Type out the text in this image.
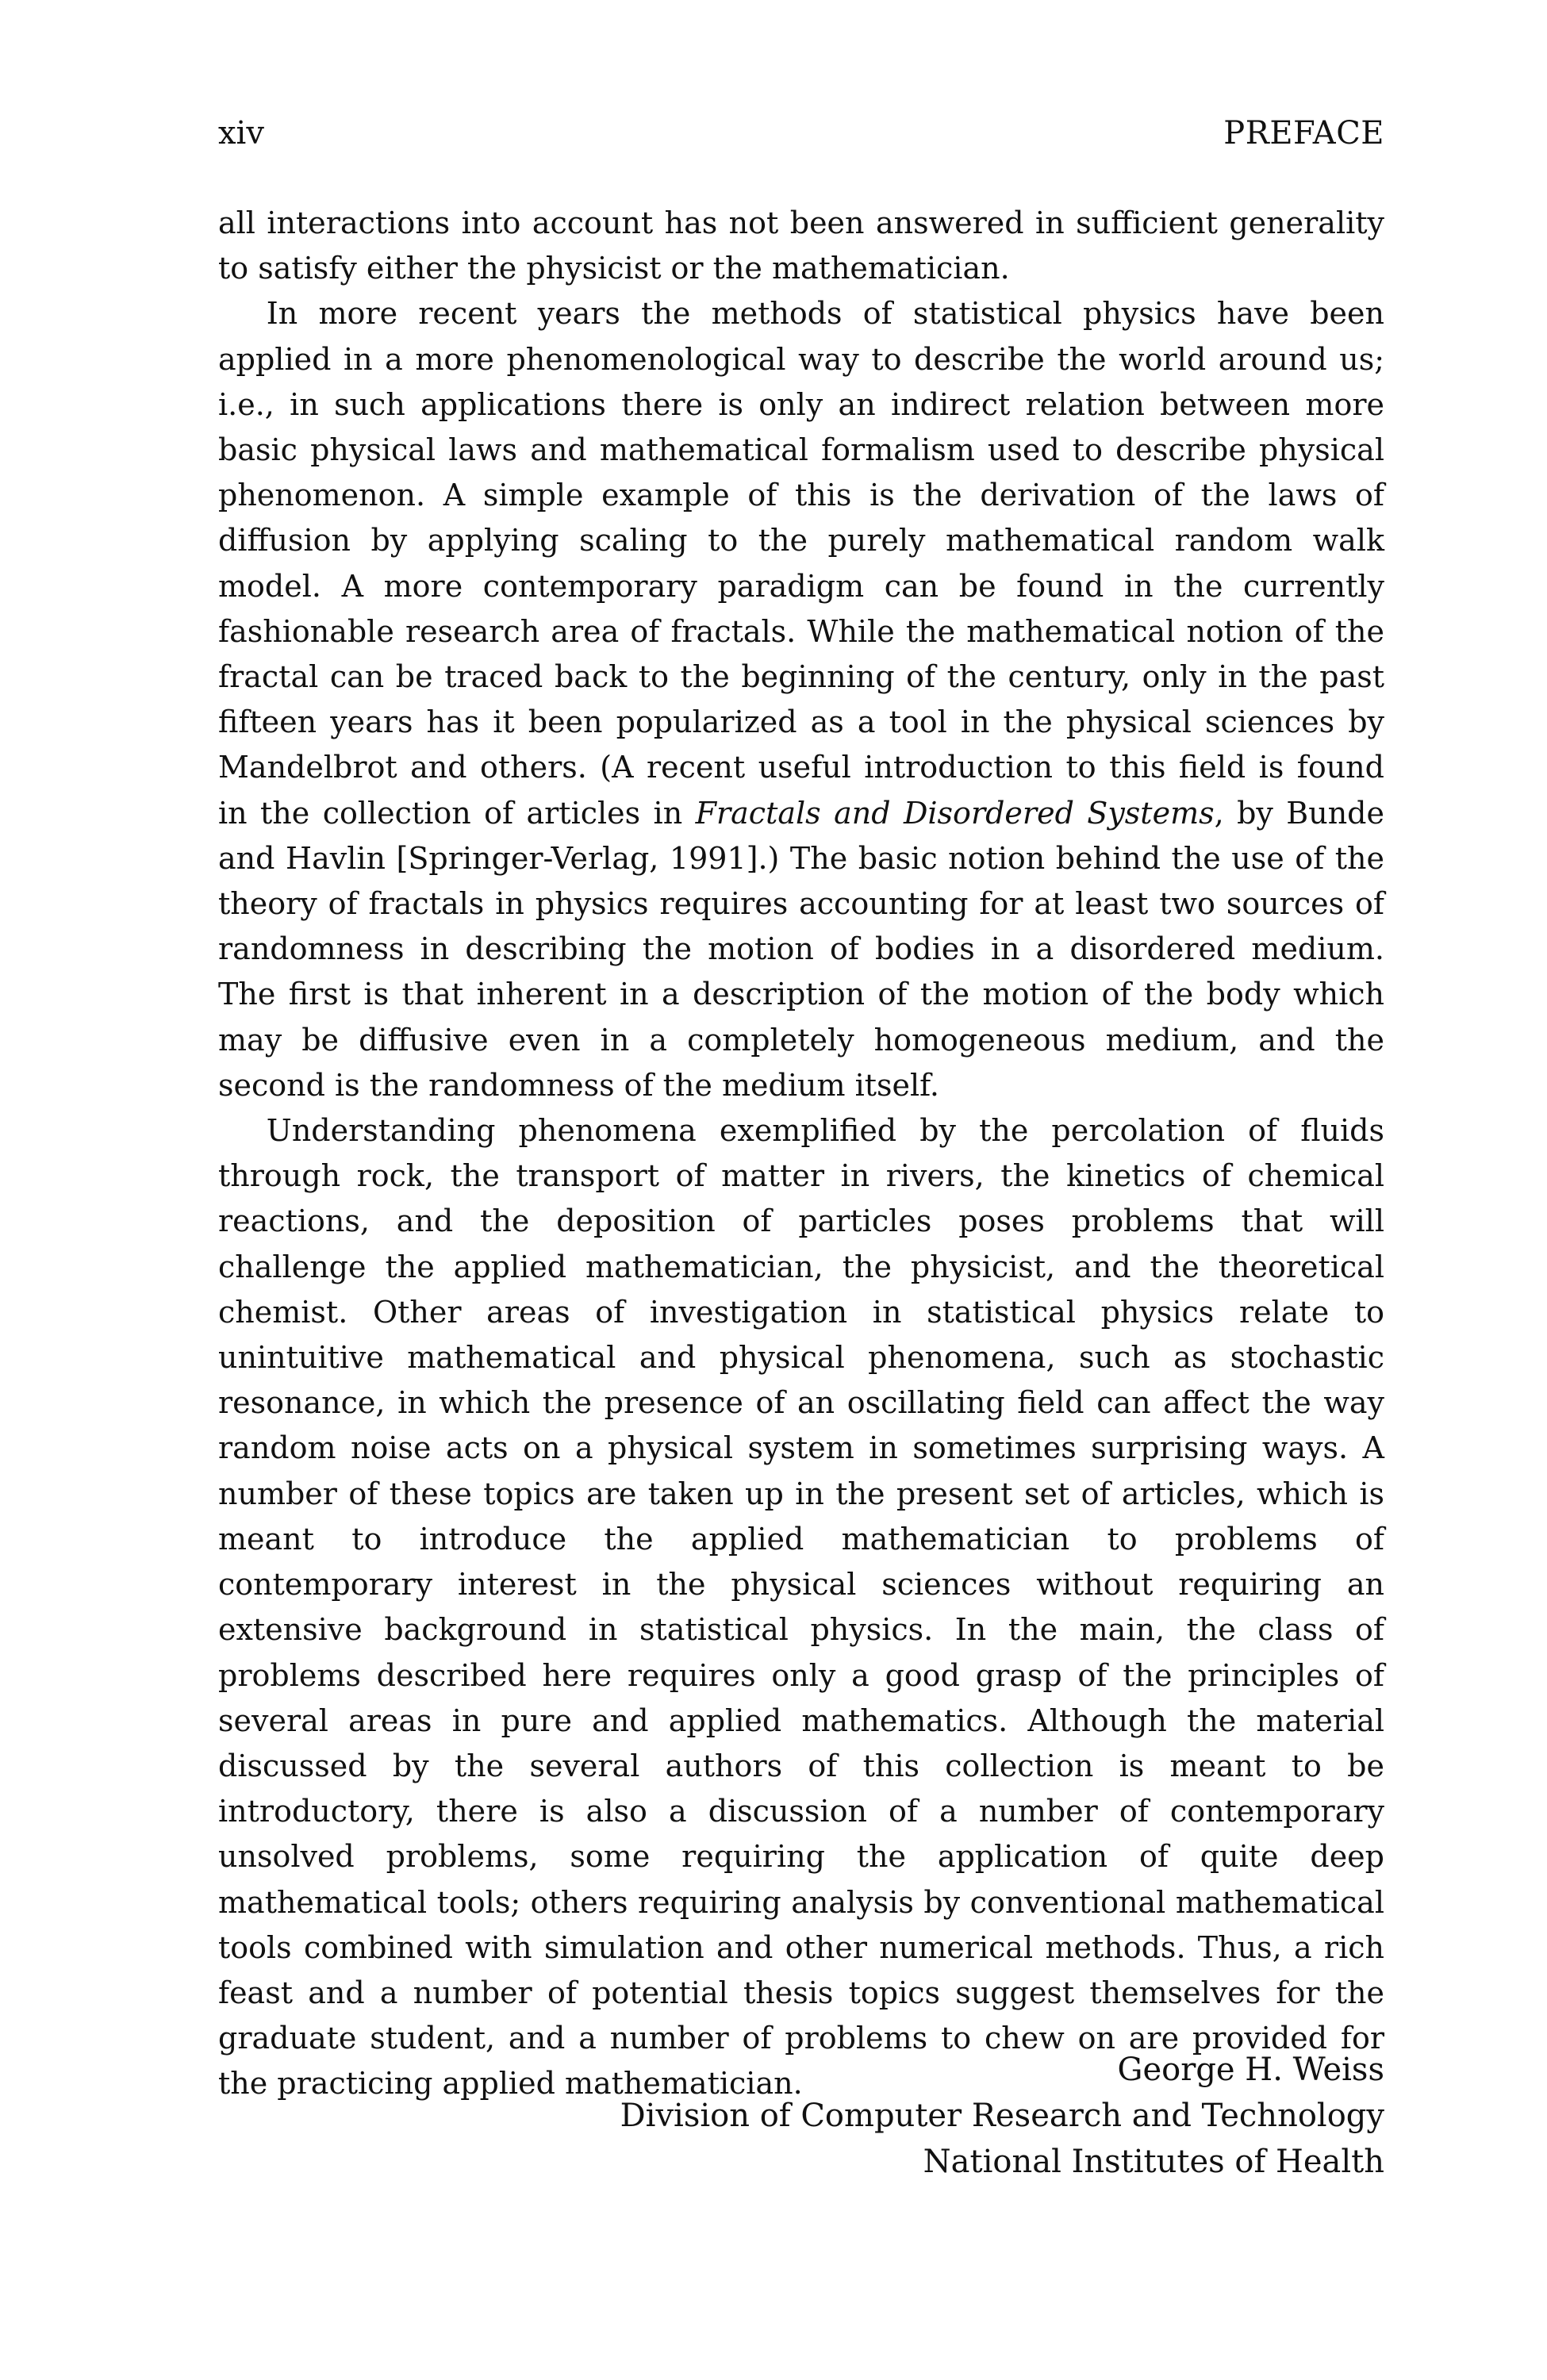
xiv	PREFACE

all interactions into account has not been answered in sufficient generality to satisfy either the physicist or the mathematician.

In more recent years the methods of statistical physics have been applied in a more phenomenological way to describe the world around us; i.e., in such applications there is only an indirect relation between more basic physical laws and mathematical formalism used to describe physical phenomenon. A simple example of this is the derivation of the laws of diffusion by applying scaling to the purely mathematical random walk model. A more contemporary paradigm can be found in the currently fashionable research area of fractals. While the mathematical notion of the fractal can be traced back to the beginning of the century, only in the past fifteen years has it been popularized as a tool in the physical sciences by Mandelbrot and others. (A recent useful introduction to this field is found in the collection of articles in Fractals and Disordered Systems, by Bunde and Havlin [Springer-Verlag, 1991].) The basic notion behind the use of the theory of fractals in physics requires accounting for at least two sources of randomness in describing the motion of bodies in a disordered medium. The first is that inherent in a description of the motion of the body which may be diffusive even in a completely homogeneous medium, and the second is the randomness of the medium itself.

Understanding phenomena exemplified by the percolation of fluids through rock, the transport of matter in rivers, the kinetics of chemical reactions, and the deposition of particles poses problems that will challenge the applied mathematician, the physicist, and the theoretical chemist. Other areas of investigation in statistical physics relate to unintuitive mathematical and physical phenomena, such as stochastic resonance, in which the presence of an oscillating field can affect the way random noise acts on a physical system in sometimes surprising ways. A number of these topics are taken up in the present set of articles, which is meant to introduce the applied mathematician to problems of contemporary interest in the physical sciences without requiring an extensive background in statistical physics. In the main, the class of problems described here requires only a good grasp of the principles of several areas in pure and applied mathematics. Although the material discussed by the several authors of this collection is meant to be introductory, there is also a discussion of a number of contemporary unsolved problems, some requiring the application of quite deep mathematical tools; others requiring analysis by conventional mathematical tools combined with simulation and other numerical methods. Thus, a rich feast and a number of potential thesis topics suggest themselves for the graduate student, and a number of problems to chew on are provided for the practicing applied mathematician.	George H. Weiss
Division of Computer Research and Technology
National Institutes of Health
